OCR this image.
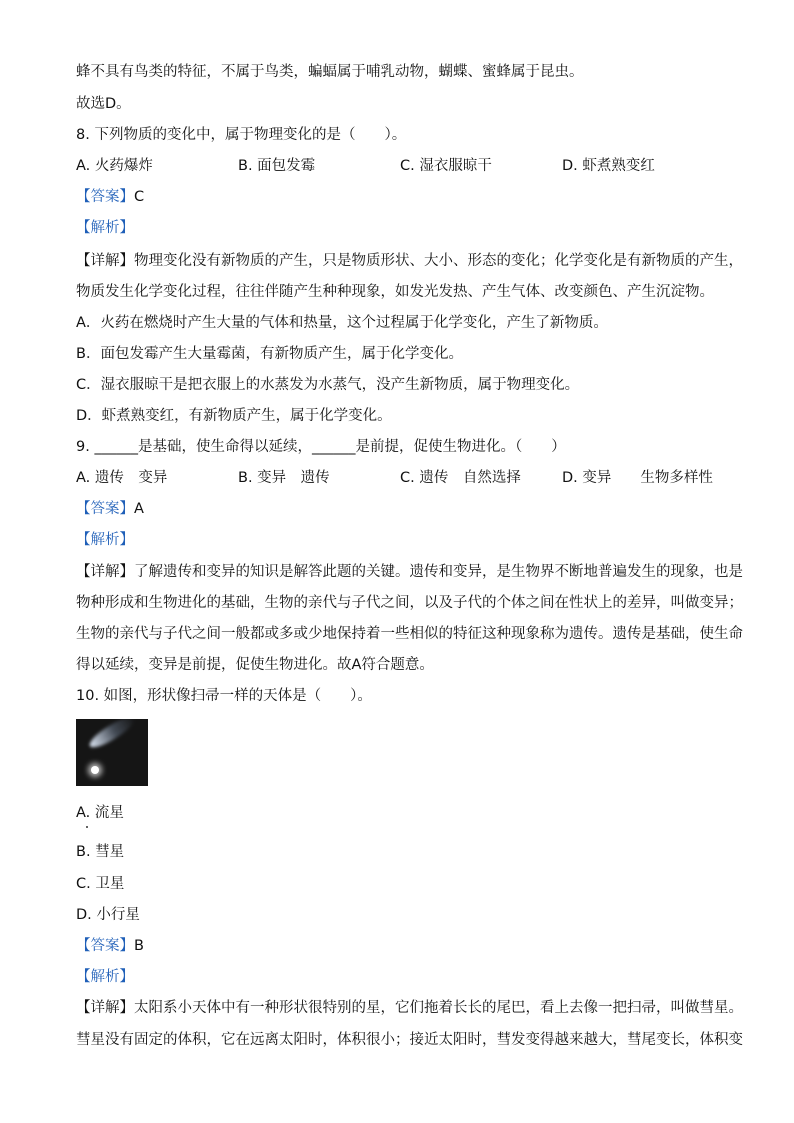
蜂不具有鸟类的特征，不属于鸟类，蝙蝠属于哺乳动物，蝴蝶、蜜蜂属于昆虫。
故选D。
8. 下列物质的变化中，属于物理变化的是（　　）。
A. 火药爆炸	B. 面包发霉	C. 湿衣服晾干	D. 虾煮熟变红
【答案】C
【解析】
【详解】物理变化没有新物质的产生，只是物质形状、大小、形态的变化；化学变化是有新物质的产生，
物质发生化学变化过程，往往伴随产生种种现象，如发光发热、产生气体、改变颜色、产生沉淀物。
A．火药在燃烧时产生大量的气体和热量，这个过程属于化学变化，产生了新物质。
B．面包发霉产生大量霉菌，有新物质产生，属于化学变化。
C．湿衣服晾干是把衣服上的水蒸发为水蒸气，没产生新物质，属于物理变化。
D．虾煮熟变红，有新物质产生，属于化学变化。
9. ______是基础，使生命得以延续，______是前提，促使生物进化。（　　）
A. 遗传　变异	B. 变异　遗传	C. 遗传　自然选择	D. 变异　　生物多样性
【答案】A
【解析】
【详解】了解遗传和变异的知识是解答此题的关键。遗传和变异，是生物界不断地普遍发生的现象，也是
物种形成和生物进化的基础，生物的亲代与子代之间，以及子代的个体之间在性状上的差异，叫做变异；
生物的亲代与子代之间一般都或多或少地保持着一些相似的特征这种现象称为遗传。遗传是基础，使生命
得以延续，变异是前提，促使生物进化。故A符合题意。
10. 如图，形状像扫帚一样的天体是（　　）。
A. 流星
B. 彗星
C. 卫星
D. 小行星
【答案】B
【解析】
【详解】太阳系小天体中有一种形状很特别的星，它们拖着长长的尾巴，看上去像一把扫帚，叫做彗星。
彗星没有固定的体积，它在远离太阳时，体积很小；接近太阳时，彗发变得越来越大，彗尾变长，体积变
